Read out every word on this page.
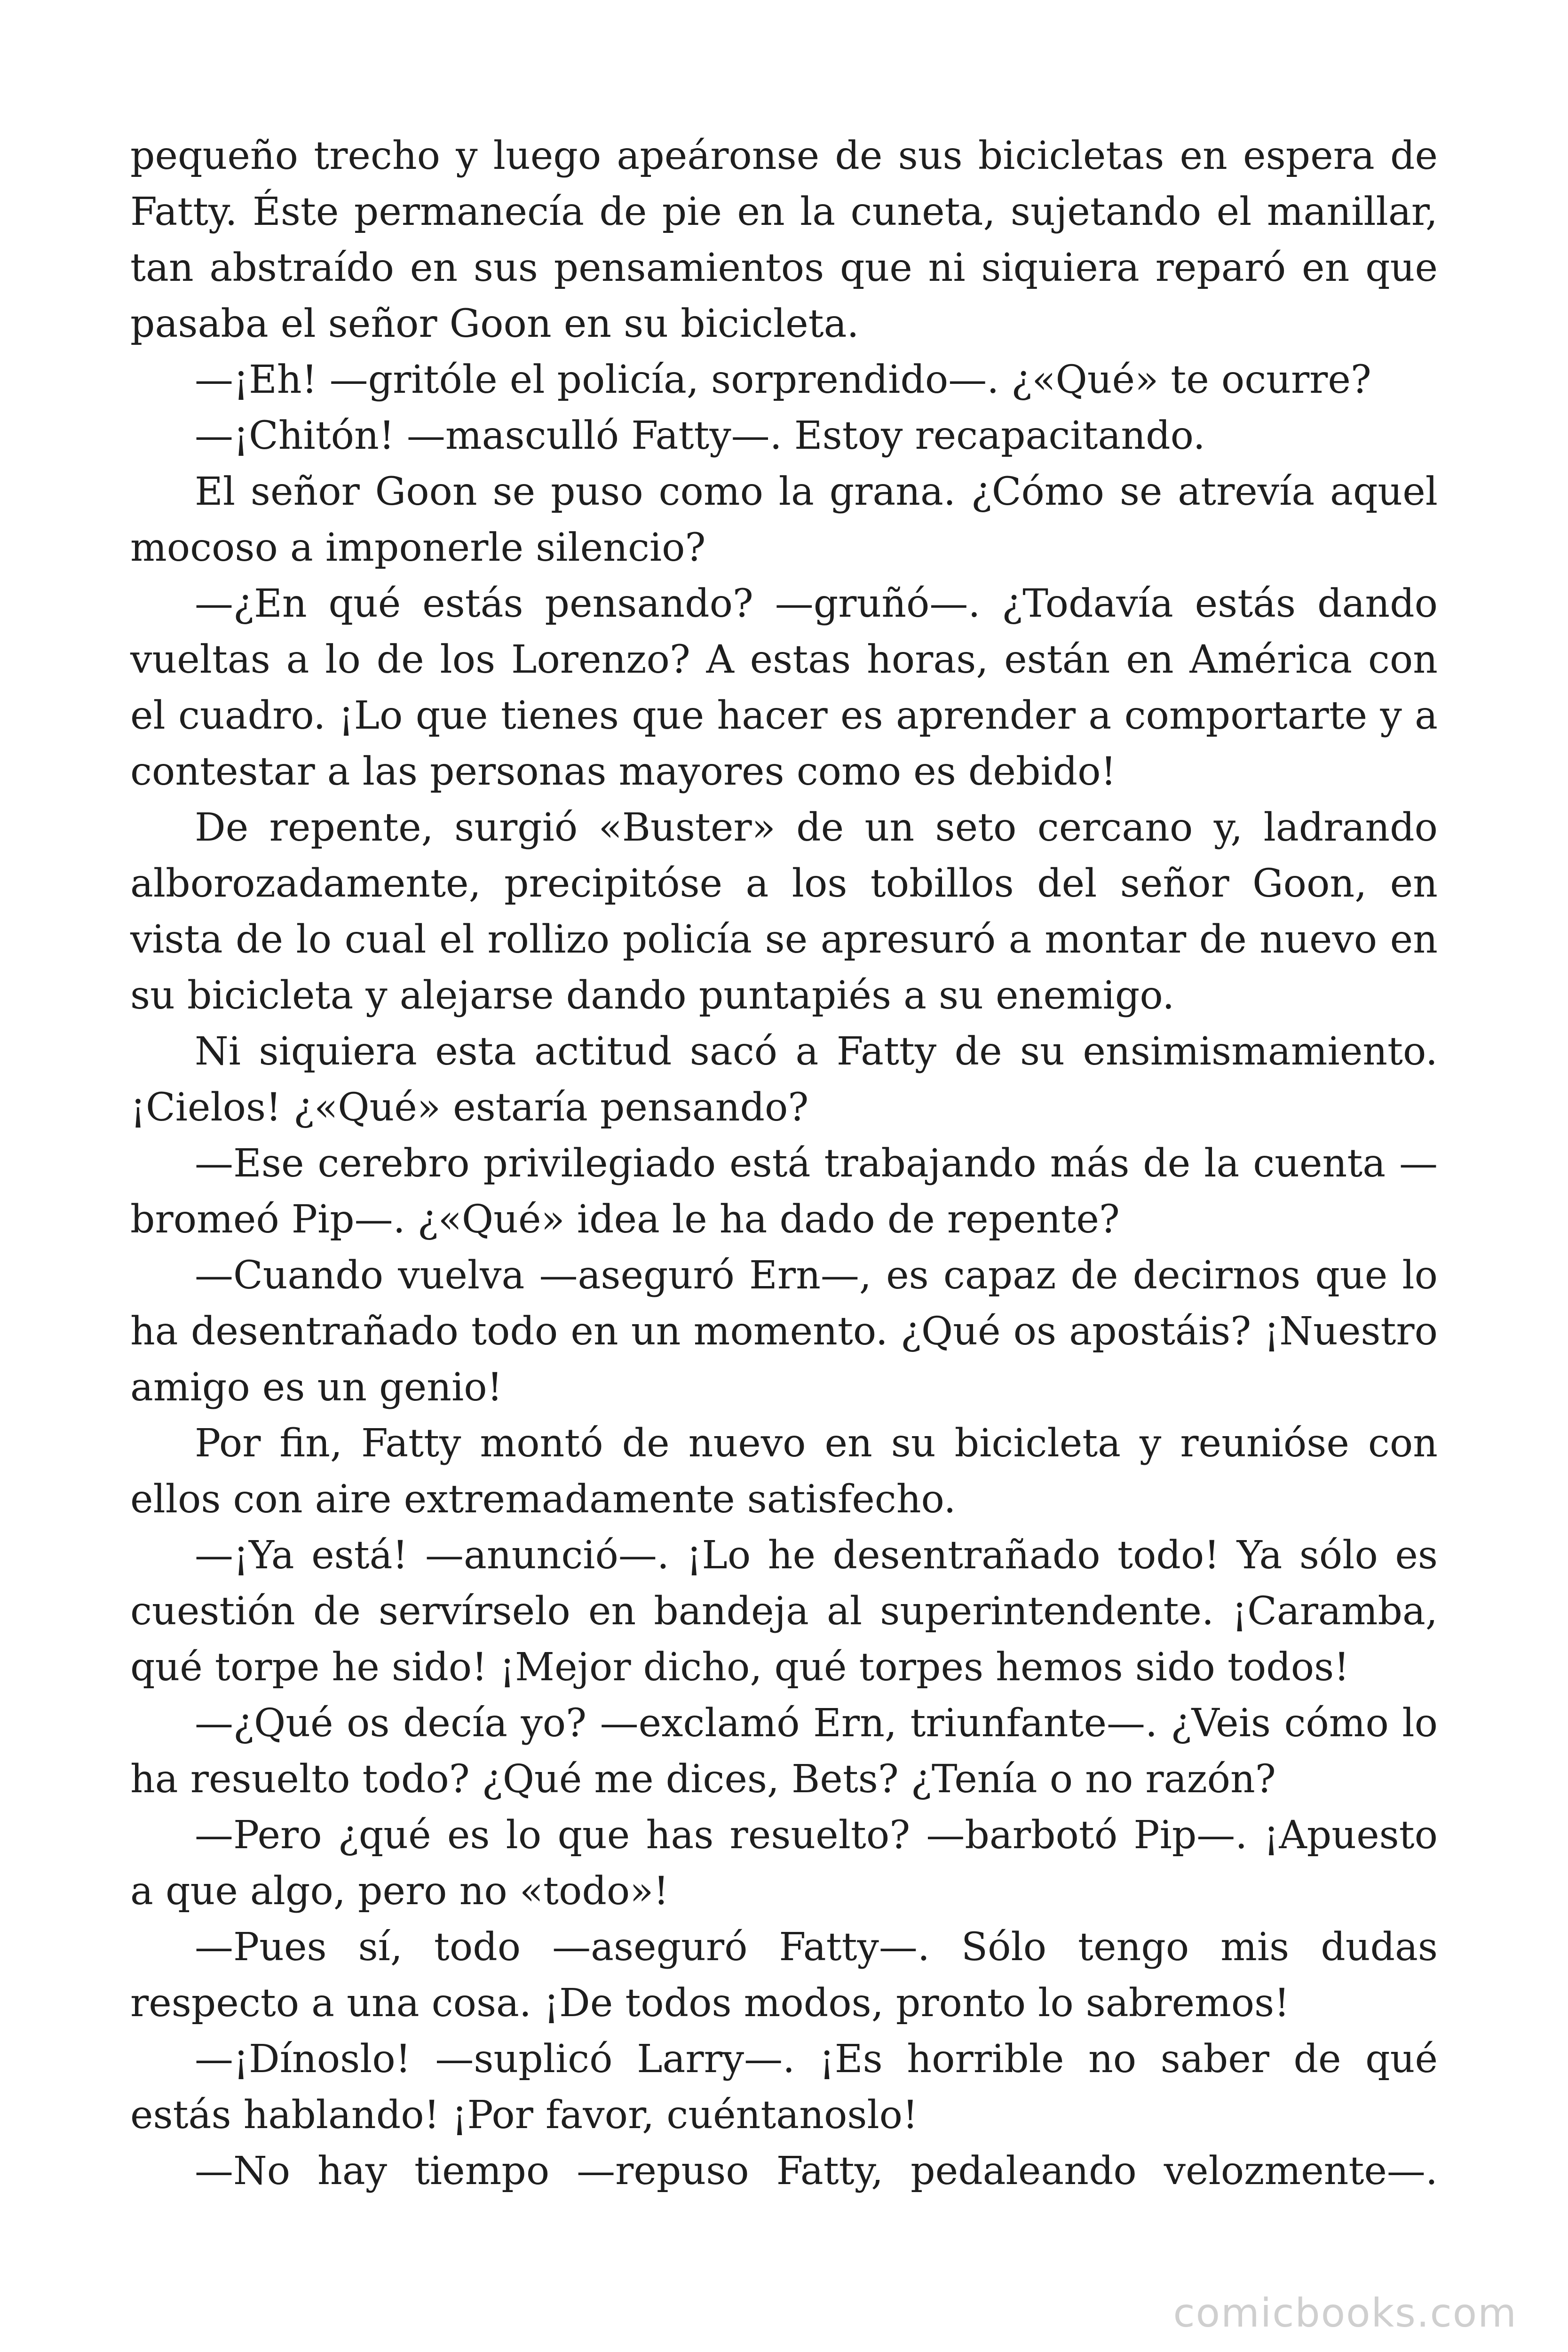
pequeño trecho y luego apeáronse de sus bicicletas en espera de Fatty. Éste permanecía de pie en la cuneta, sujetando el manillar, tan abstraído en sus pensamientos que ni siquiera reparó en que pasaba el señor Goon en su bicicleta.

—¡Eh! —gritóle el policía, sorprendido—. ¿«Qué» te ocurre?

—¡Chitón! —masculló Fatty—. Estoy recapacitando.

El señor Goon se puso como la grana. ¿Cómo se atrevía aquel mocoso a imponerle silencio?

—¿En qué estás pensando? —gruñó—. ¿Todavía estás dando vueltas a lo de los Lorenzo? A estas horas, están en América con el cuadro. ¡Lo que tienes que hacer es aprender a comportarte y a contestar a las personas mayores como es debido!

De repente, surgió «Buster» de un seto cercano y, ladrando alborozadamente, precipitóse a los tobillos del señor Goon, en vista de lo cual el rollizo policía se apresuró a montar de nuevo en su bicicleta y alejarse dando puntapiés a su enemigo.

Ni siquiera esta actitud sacó a Fatty de su ensimismamiento. ¡Cielos! ¿«Qué» estaría pensando?

—Ese cerebro privilegiado está trabajando más de la cuenta —bromeó Pip—. ¿«Qué» idea le ha dado de repente?

—Cuando vuelva —aseguró Ern—, es capaz de decirnos que lo ha desentrañado todo en un momento. ¿Qué os apostáis? ¡Nuestro amigo es un genio!

Por fin, Fatty montó de nuevo en su bicicleta y reunióse con ellos con aire extremadamente satisfecho.

—¡Ya está! —anunció—. ¡Lo he desentrañado todo! Ya sólo es cuestión de servírselo en bandeja al superintendente. ¡Caramba, qué torpe he sido! ¡Mejor dicho, qué torpes hemos sido todos!

—¿Qué os decía yo? —exclamó Ern, triunfante—. ¿Veis cómo lo ha resuelto todo? ¿Qué me dices, Bets? ¿Tenía o no razón?

—Pero ¿qué es lo que has resuelto? —barbotó Pip—. ¡Apuesto a que algo, pero no «todo»!

—Pues sí, todo —aseguró Fatty—. Sólo tengo mis dudas respecto a una cosa. ¡De todos modos, pronto lo sabremos!

—¡Dínoslo! —suplicó Larry—. ¡Es horrible no saber de qué estás hablando! ¡Por favor, cuéntanoslo!

—No hay tiempo —repuso Fatty, pedaleando velozmente—.

comicbooks.com
